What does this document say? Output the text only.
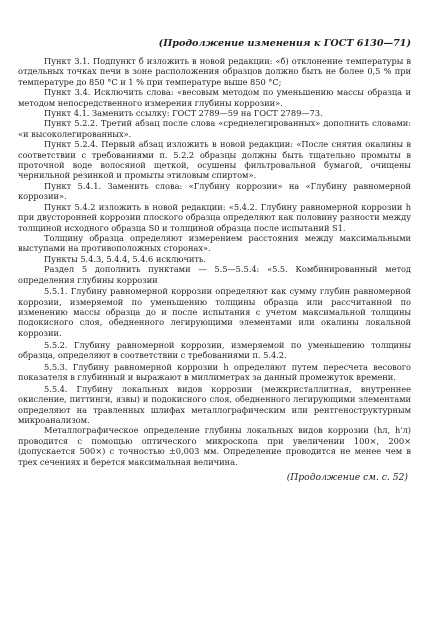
(Продолжение изменения к ГОСТ 6130—71)

Пункт 3.1. Подпункт б изложить в новой редакции: «б) отклонение температуры в отдельных точках печи в зоне расположения образцов должно быть не более 0,5 % при температуре до 850 °С и 1 % при температуре выше 850 °С;

Пункт 3.4. Исключить слова: «весовым методом по уменьшению массы образца и методом непосредственного измерения глубины коррозии».

Пункт 4.1. Заменить ссылку: ГОСТ 2789—59 на ГОСТ 2789—73.

Пункт 5.2.2. Третий абзац после слова «среднелегированных» дополнить словами: «и высоколегированных».

Пункт 5.2.4. Первый абзац изложить в новой редакции: «После снятия окалины в соответствии с требованиями п. 5.2.2 образцы должны быть тщательно промыты в проточной воде волосяной щеткой, осушены фильтровальной бумагой, очищены чернильной резинкой и промыты этиловым спиртом».

Пункт 5.4.1. Заменить слова: «Глубину коррозии» на «Глубину равномерной коррозии».

Пункт 5.4.2 изложить в новой редакции: «5.4.2. Глубину равномерной коррозии h при двусторонней коррозии плоского образца определяют как половину разности между толщиной исходного образца S0 и толщиной образца после испытаний S1.

Толщину образца определяют измерением расстояния между максимальными выступами на противоположных сторонах».

Пункты 5.4.3, 5.4.4, 5.4.6 исключить.

Раздел 5 дополнить пунктами — 5.5—5.5.4: «5.5. Комбинированный метод определения глубины коррозии

5.5.1. Глубину равномерной коррозии определяют как сумму глубин равномерной коррозии, измеряемой по уменьшению толщины образца или рассчитанной по изменению массы образца до и после испытания с учетом максимальной толщины подокисного слоя, обедненного легирующими элементами или окалины локальной коррозии.

5.5.2. Глубину равномерной коррозии, измеряемой по уменьшению толщины образца, определяют в соответствии с требованиями п. 5.4.2.

5.5.3. Глубину равномерной коррозии h определяют путем пересчета весового показателя в глубинный и выражают в миллиметрах за данный промежуток времени.

5.5.4. Глубину локальных видов коррозии (межкристаллитная, внутреннее окисление, питтинги, язвы) и подокисного слоя, обедненного легирующими элементами определяют на травленных шлифах металлографическим или рентгеноструктурным микроанализом.

Металлографическое определение глубины локальных видов коррозии (hл, h'л) проводится с помощью оптического микроскопа при увеличении 100×, 200× (допускается 500×) с точностью ±0,003 мм. Определение проводится не менее чем в трех сечениях и берется максимальная величина.

(Продолжение см. с. 52)
